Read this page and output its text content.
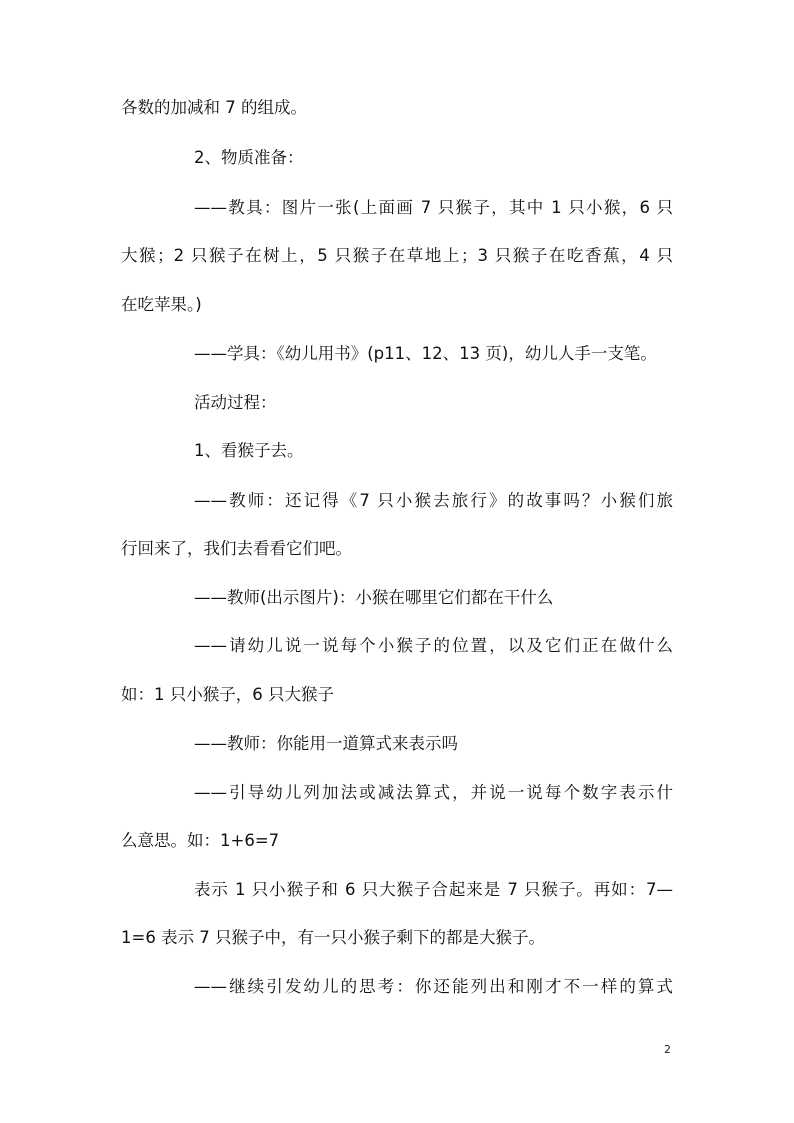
各数的加减和 7 的组成。
2、物质准备：
——教具：图片一张(上面画 7 只猴子，其中 1 只小猴，6 只
大猴；2 只猴子在树上，5 只猴子在草地上；3 只猴子在吃香蕉，4 只
在吃苹果。)
——学具：《幼儿用书》(p11、12、13 页)，幼儿人手一支笔。
活动过程：
1、看猴子去。
——教师：还记得《7 只小猴去旅行》的故事吗？小猴们旅
行回来了，我们去看看它们吧。
——教师(出示图片)：小猴在哪里它们都在干什么
——请幼儿说一说每个小猴子的位置，以及它们正在做什么
如：1 只小猴子，6 只大猴子
——教师：你能用一道算式来表示吗
——引导幼儿列加法或减法算式，并说一说每个数字表示什
么意思。如：1+6=7
表示 1 只小猴子和 6 只大猴子合起来是 7 只猴子。再如：7—
1=6 表示 7 只猴子中，有一只小猴子剩下的都是大猴子。
——继续引发幼儿的思考：你还能列出和刚才不一样的算式
2
